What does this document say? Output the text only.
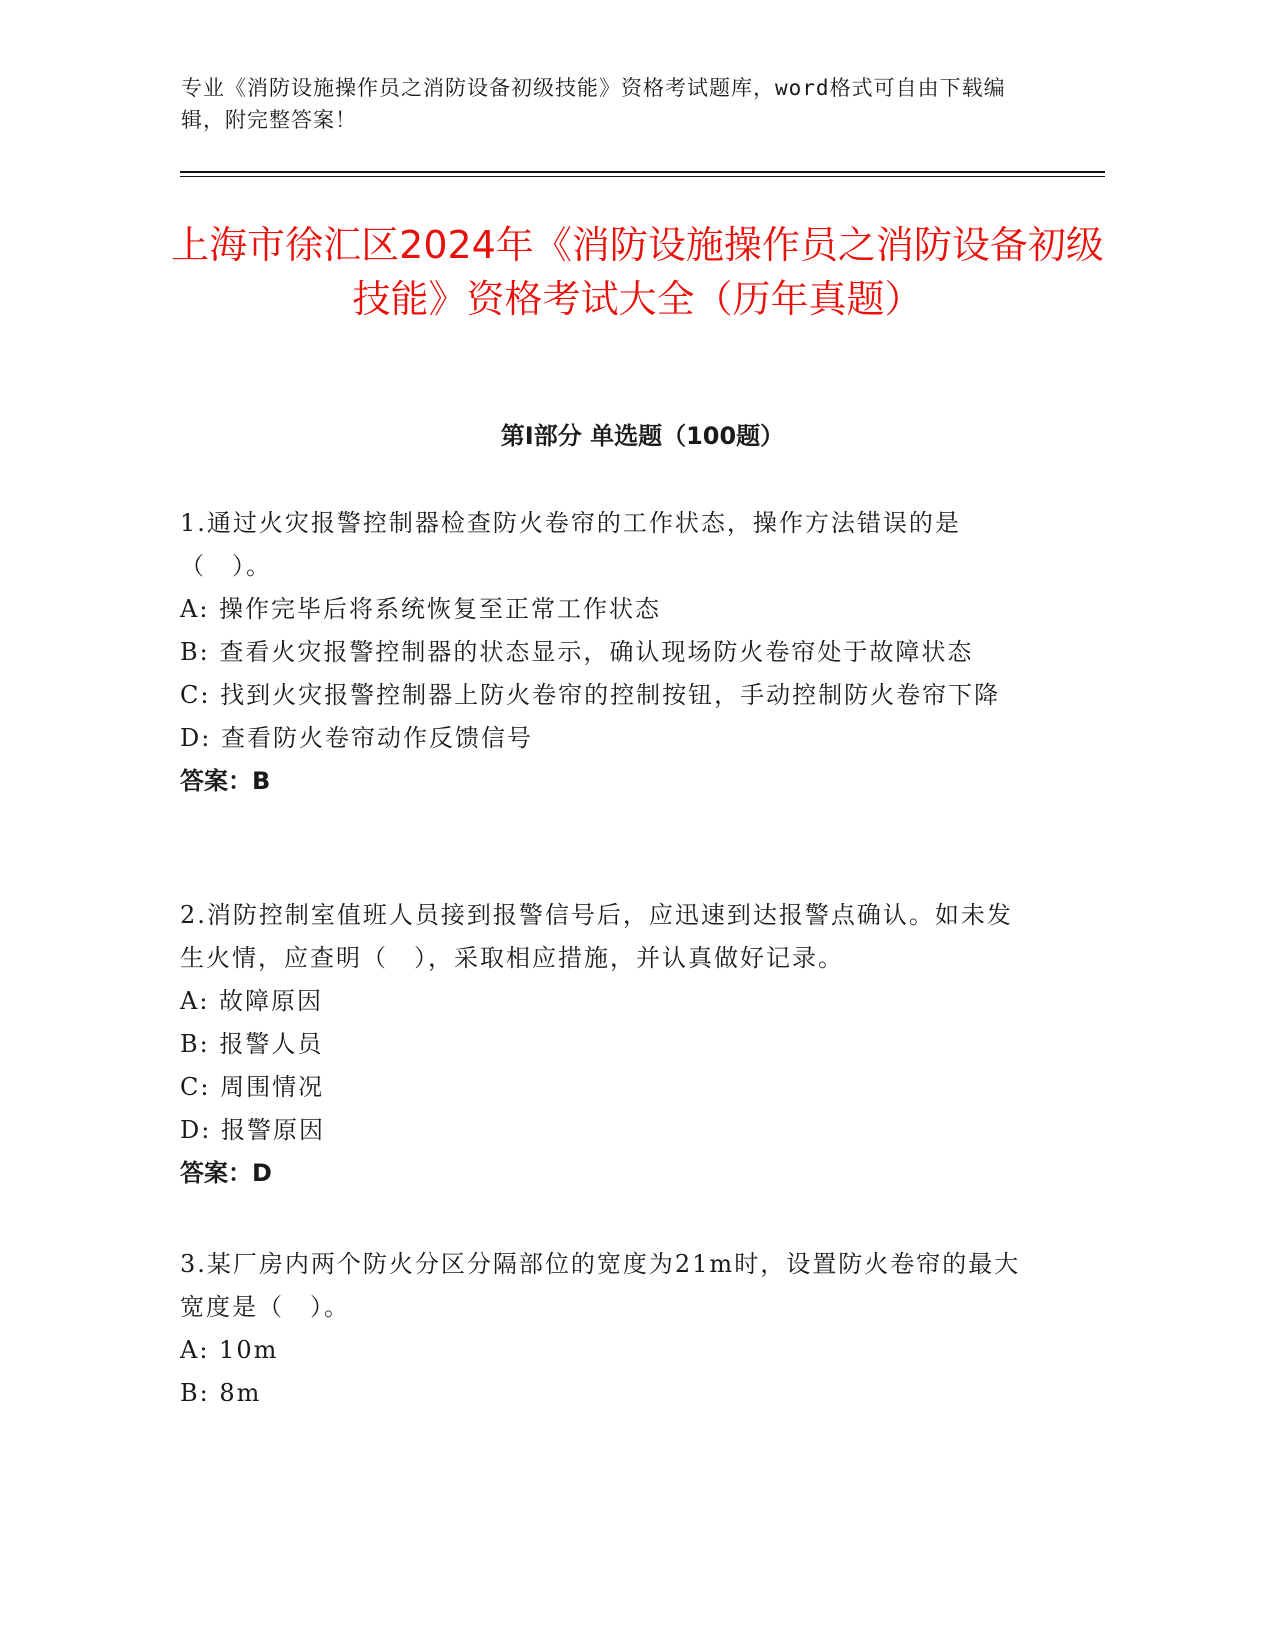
专业《消防设施操作员之消防设备初级技能》资格考试题库，word格式可自由下载编辑，附完整答案！
上海市徐汇区2024年《消防设施操作员之消防设备初级技能》资格考试大全（历年真题）
第I部分 单选题（100题）

1.通过火灾报警控制器检查防火卷帘的工作状态，操作方法错误的是（　）。

A: 操作完毕后将系统恢复至正常工作状态

B: 查看火灾报警控制器的状态显示，确认现场防火卷帘处于故障状态

C: 找到火灾报警控制器上防火卷帘的控制按钮，手动控制防火卷帘下降

D: 查看防火卷帘动作反馈信号

答案：B

2.消防控制室值班人员接到报警信号后，应迅速到达报警点确认。如未发生火情，应查明（　），采取相应措施，并认真做好记录。

A: 故障原因

B: 报警人员

C: 周围情况

D: 报警原因

答案：D

3.某厂房内两个防火分区分隔部位的宽度为21m时，设置防火卷帘的最大宽度是（　）。

A: 10m

B: 8m
